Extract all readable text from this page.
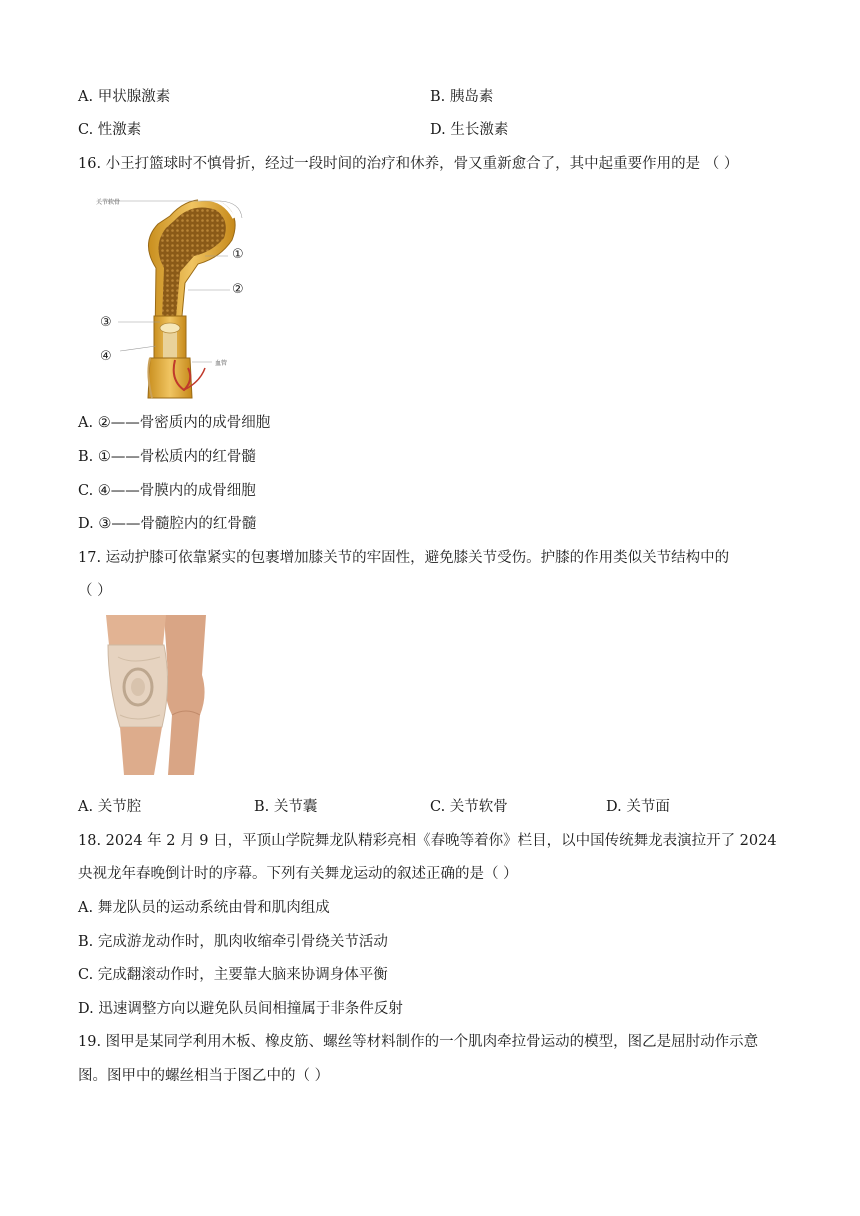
A. 甲状腺激素	B. 胰岛素
C. 性激素	D. 生长激素
16. 小王打篮球时不慎骨折，经过一段时间的治疗和休养，骨又重新愈合了，其中起重要作用的是 （ ）
关节软骨
①
②
③
④	血管
A. ②——骨密质内的成骨细胞
B. ①——骨松质内的红骨髓
C. ④——骨膜内的成骨细胞
D. ③——骨髓腔内的红骨髓
17. 运动护膝可依靠紧实的包裹增加膝关节的牢固性，避免膝关节受伤。护膝的作用类似关节结构中的
（ ）
A. 关节腔	B. 关节囊	C. 关节软骨	D. 关节面
18. 2024 年 2 月 9 日，平顶山学院舞龙队精彩亮相《春晚等着你》栏目，以中国传统舞龙表演拉开了 2024
央视龙年春晚倒计时的序幕。下列有关舞龙运动的叙述正确的是（ ）
A. 舞龙队员的运动系统由骨和肌肉组成
B. 完成游龙动作时，肌肉收缩牵引骨绕关节活动
C. 完成翻滚动作时，主要靠大脑来协调身体平衡
D. 迅速调整方向以避免队员间相撞属于非条件反射
19. 图甲是某同学利用木板、橡皮筋、螺丝等材料制作的一个肌肉牵拉骨运动的模型，图乙是屈肘动作示意
图。图甲中的螺丝相当于图乙中的（ ）
